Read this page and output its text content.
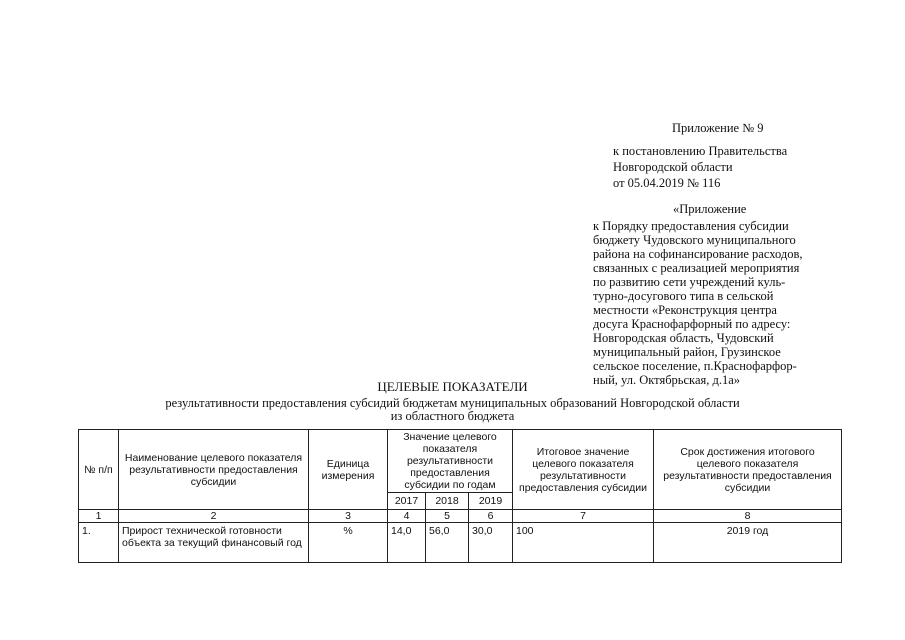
Приложение № 9
к постановлению Правительства
Новгородской области
от 05.04.2019 № 116
«Приложение
к Порядку предоставления субсидии
бюджету Чудовского муниципального
района на софинансирование расходов,
связанных с реализацией мероприятия
по развитию сети учреждений куль-
турно-досугового типа в сельской
местности «Реконструкция центра
досуга Краснофарфорный по адресу:
Новгородская область, Чудовский
муниципальный район, Грузинское
сельское поселение, п.Краснофарфор-
ный, ул. Октябрьская, д.1а»
ЦЕЛЕВЫЕ ПОКАЗАТЕЛИ
результативности предоставления субсидий бюджетам муниципальных образований Новгородской области
из областного бюджета
№ п/п	Наименование целевого показателя результативности предоставления субсидии	Единица измерения	Значение целевого показателя результативности предоставления субсидии по годам			Итоговое значение целевого показателя результативности предоставления субсидии	Срок достижения итогового целевого показателя результативности предоставления субсидии
			2017	2018	2019		
1	2	3	4	5	6	7	8
1.	Прирост технической готовности объекта за текущий финансовый год	%	14,0	56,0	30,0	100	2019 год
